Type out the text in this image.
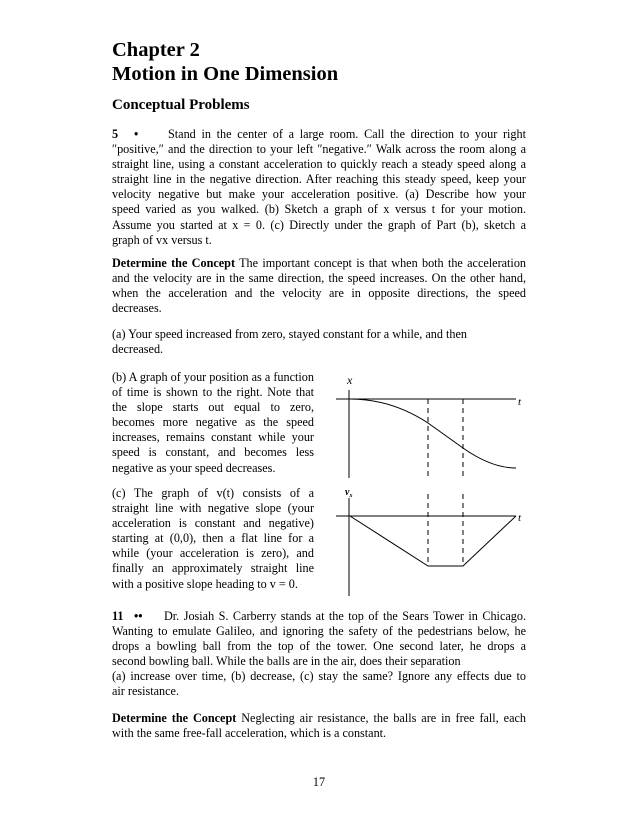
Chapter 2
Motion in One Dimension
Conceptual Problems
5 • Stand in the center of a large room. Call the direction to your right
″positive,″ and the direction to your left ″negative.″ Walk across the room along a
straight line, using a constant acceleration to quickly reach a steady speed along a
straight line in the negative direction. After reaching this steady speed, keep your
velocity negative but make your acceleration positive. (a) Describe how your
speed varied as you walked. (b) Sketch a graph of x versus t for your motion.
Assume you started at x = 0. (c) Directly under the graph of Part (b), sketch a
graph of vx versus t.

Determine the Concept The important concept is that when both the acceleration and the velocity are in the same direction, the speed increases. On the other hand, when the acceleration and the velocity are in opposite directions, the speed decreases.

(a) Your speed increased from zero, stayed constant for a while, and then
decreased.

(b) A graph of your position as a function of time is shown to the right. Note that the slope starts out equal to zero, becomes more negative as the speed increases, remains constant while your speed is constant, and becomes less negative as your speed decreases.

(c) The graph of v(t) consists of a straight line with negative slope (your acceleration is constant and negative) starting at (0,0), then a flat line for a while (your acceleration is zero), and finally an approximately straight line with a positive slope heading to v = 0.

11 •• Dr. Josiah S. Carberry stands at the top of the Sears Tower in Chicago.
Wanting to emulate Galileo, and ignoring the safety of the pedestrians below, he
drops a bowling ball from the top of the tower. One second later, he drops a
second bowling ball. While the balls are in the air, does their separation
(a) increase over time, (b) decrease, (c) stay the same? Ignore any effects due to
air resistance.
Determine the Concept Neglecting air resistance, the balls are in free fall, each
with the same free-fall acceleration, which is a constant.
17
x
t
$v_x$
t
